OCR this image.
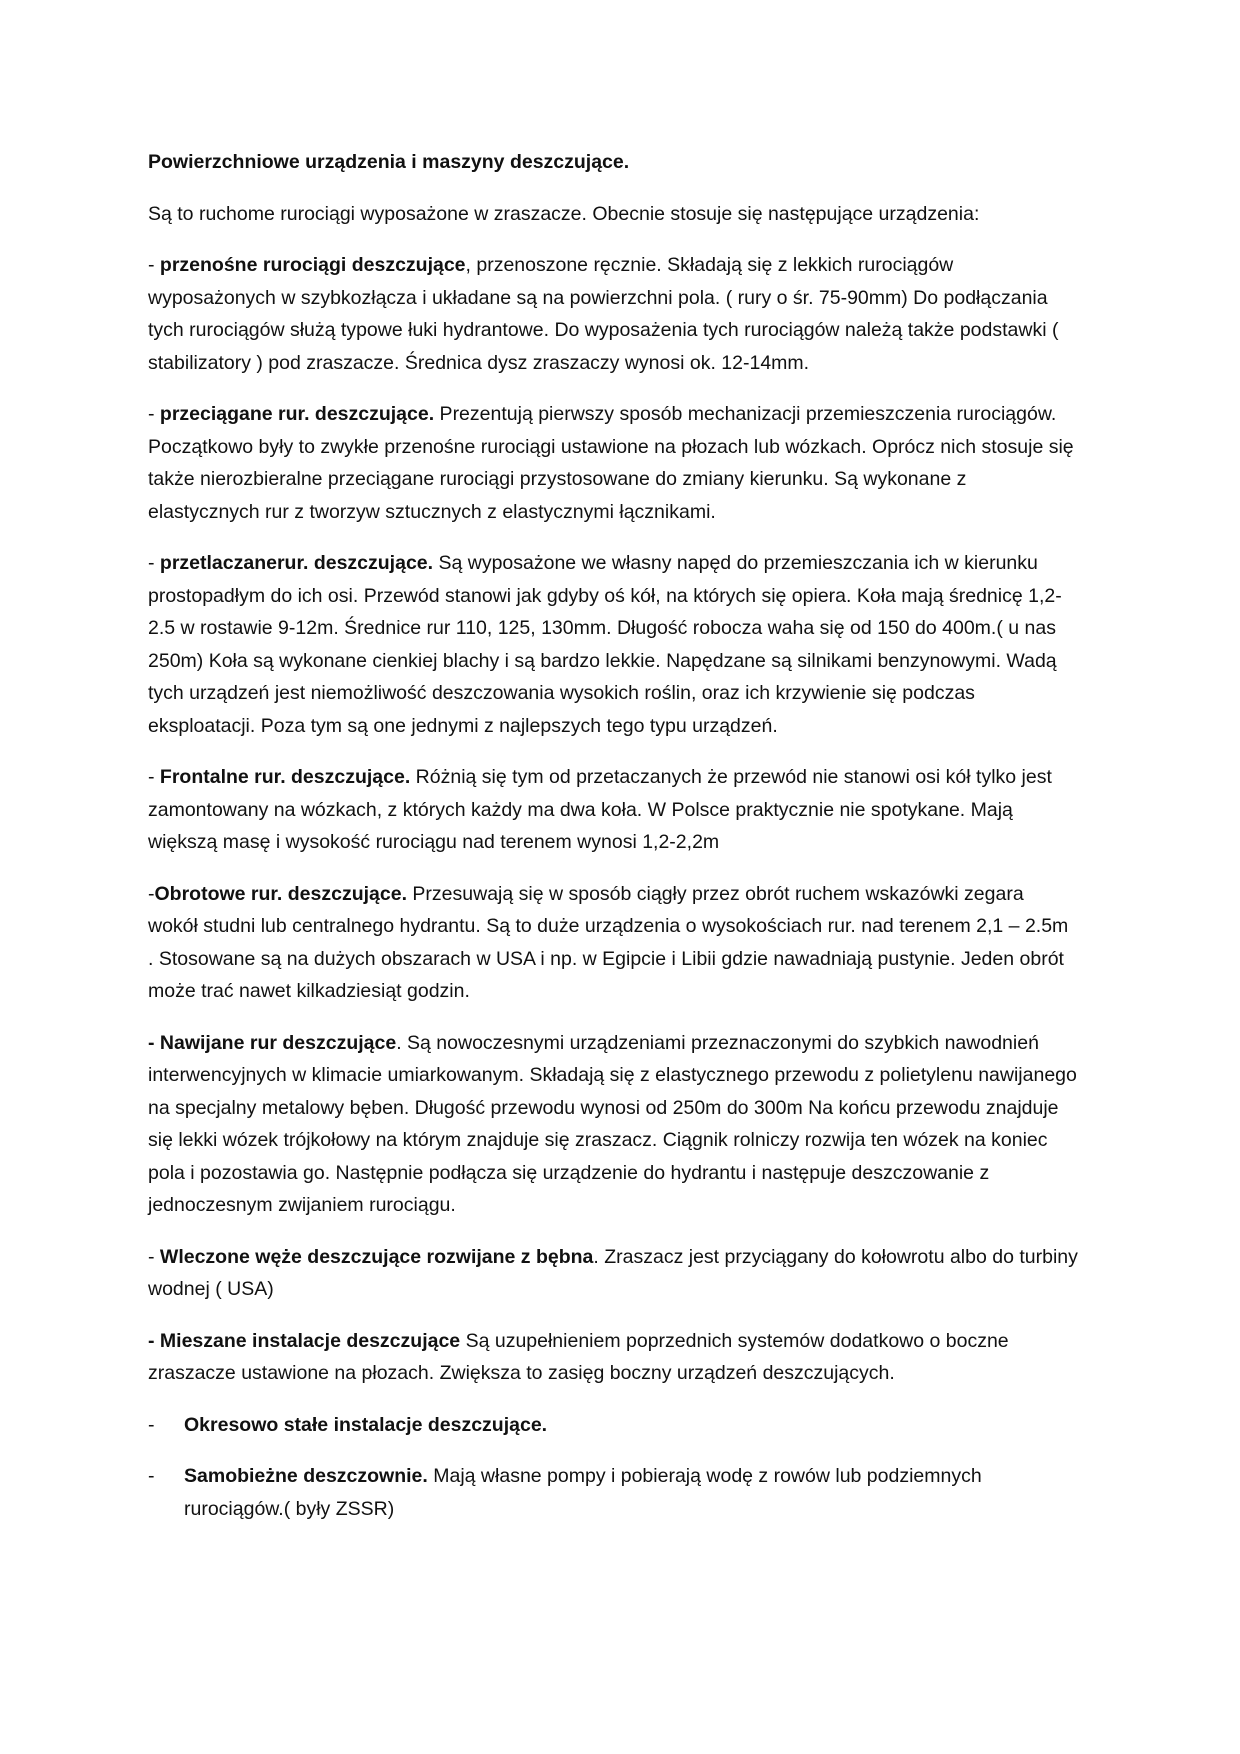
Powierzchniowe urządzenia i maszyny deszczujące.
Są to ruchome rurociągi wyposażone w zraszacze. Obecnie stosuje się następujące urządzenia:
- przenośne rurociągi deszczujące, przenoszone ręcznie. Składają się z lekkich rurociągów wyposażonych w szybkozłącza i układane są na powierzchni pola. ( rury o śr. 75-90mm) Do podłączania tych rurociągów służą typowe łuki hydrantowe. Do wyposażenia tych rurociągów należą także podstawki ( stabilizatory ) pod zraszacze. Średnica dysz zraszaczy wynosi ok. 12-14mm.
- przeciągane rur. deszczujące. Prezentują pierwszy sposób mechanizacji przemieszczenia rurociągów. Początkowo były to zwykłe przenośne rurociągi ustawione na płozach lub wózkach. Oprócz nich stosuje się także nierozbieralne przeciągane rurociągi przystosowane do zmiany kierunku. Są wykonane z elastycznych rur z tworzyw sztucznych z elastycznymi łącznikami.
- przetlaczanerur. deszczujące. Są wyposażone we własny napęd do przemieszczania ich w kierunku prostopadłym do ich osi. Przewód stanowi jak gdyby oś kół, na których się opiera. Koła mają średnicę 1,2-2.5 w rostawie 9-12m. Średnice rur 110, 125, 130mm. Długość robocza waha się od 150 do 400m.( u nas 250m) Koła są wykonane cienkiej blachy i są bardzo lekkie. Napędzane są silnikami benzynowymi. Wadą tych urządzeń jest niemożliwość deszczowania wysokich roślin, oraz ich krzywienie się podczas eksploatacji. Poza tym są one jednymi z najlepszych tego typu urządzeń.
- Frontalne rur. deszczujące. Różnią się tym od przetaczanych że przewód nie stanowi osi kół tylko jest zamontowany na wózkach, z których każdy ma dwa koła. W Polsce praktycznie nie spotykane. Mają większą masę i wysokość rurociągu nad terenem wynosi 1,2-2,2m
-Obrotowe rur. deszczujące. Przesuwają się w sposób ciągły przez obrót ruchem wskazówki zegara wokół studni lub centralnego hydrantu. Są to duże urządzenia o wysokościach rur. nad terenem 2,1 – 2.5m . Stosowane są na dużych obszarach w USA i np. w Egipcie i Libii gdzie nawadniają pustynie. Jeden obrót może trać nawet kilkadziesiąt godzin.
- Nawijane rur deszczujące. Są nowoczesnymi urządzeniami przeznaczonymi do szybkich nawodnień interwencyjnych w klimacie umiarkowanym. Składają się z elastycznego przewodu z polietylenu nawijanego na specjalny metalowy bęben. Długość przewodu wynosi od 250m do 300m Na końcu przewodu znajduje się lekki wózek trójkołowy na którym znajduje się zraszacz. Ciągnik rolniczy rozwija ten wózek na koniec pola i pozostawia go. Następnie podłącza się urządzenie do hydrantu i następuje deszczowanie z jednoczesnym zwijaniem rurociągu.
- Wleczone węże deszczujące rozwijane z bębna. Zraszacz jest przyciągany do kołowrotu albo do turbiny wodnej ( USA)
- Mieszane instalacje deszczujące Są uzupełnieniem poprzednich systemów dodatkowo o boczne zraszacze ustawione na płozach. Zwiększa to zasięg boczny urządzeń deszczujących.
- Okresowo stałe instalacje deszczujące.
- Samobieżne deszczownie. Mają własne pompy i pobierają wodę z rowów lub podziemnych rurociągów.( były ZSSR)
